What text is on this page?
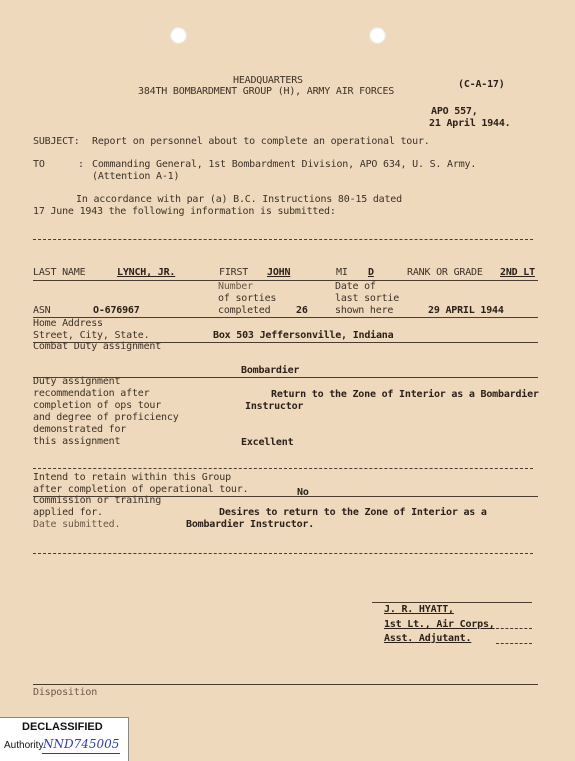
HEADQUARTERS
384TH BOMBARDMENT GROUP (H), ARMY AIR FORCES
(C-A-17)
APO 557,
21 April 1944.
SUBJECT: Report on personnel about to complete an operational tour.
TO	: Commanding General, 1st Bombardment Division, APO 634, U. S. Army.
(Attention A-1)
In accordance with par (a) B.C. Instructions 80-15 dated
17 June 1943 the following information is submitted:
LAST NAME	LYNCH, JR.	FIRST JOHN	MI D	RANK OR GRADE 2ND LT
Number
of sorties
completed	26
Date of
last sortie
shown here	29 APRIL 1944
ASN	O-676967
Home Address
Street, City, State.	Box 503 Jeffersonville, Indiana
Combat Duty assignment
Bombardier
Duty assignment
recommendation after
completion of ops tour
and degree of proficiency
demonstrated for
this assignment
Return to the Zone of Interior as a Bombardier
Instructor
Excellent
Intend to retain within this Group
after completion of operational tour.	No
Commission or training
applied for.
Date submitted.
Desires to return to the Zone of Interior as a
Bombardier Instructor.
J. R. HYATT,
1st Lt., Air Corps,
Asst. Adjutant.
Disposition
DECLASSIFIED
Authority NND745005
